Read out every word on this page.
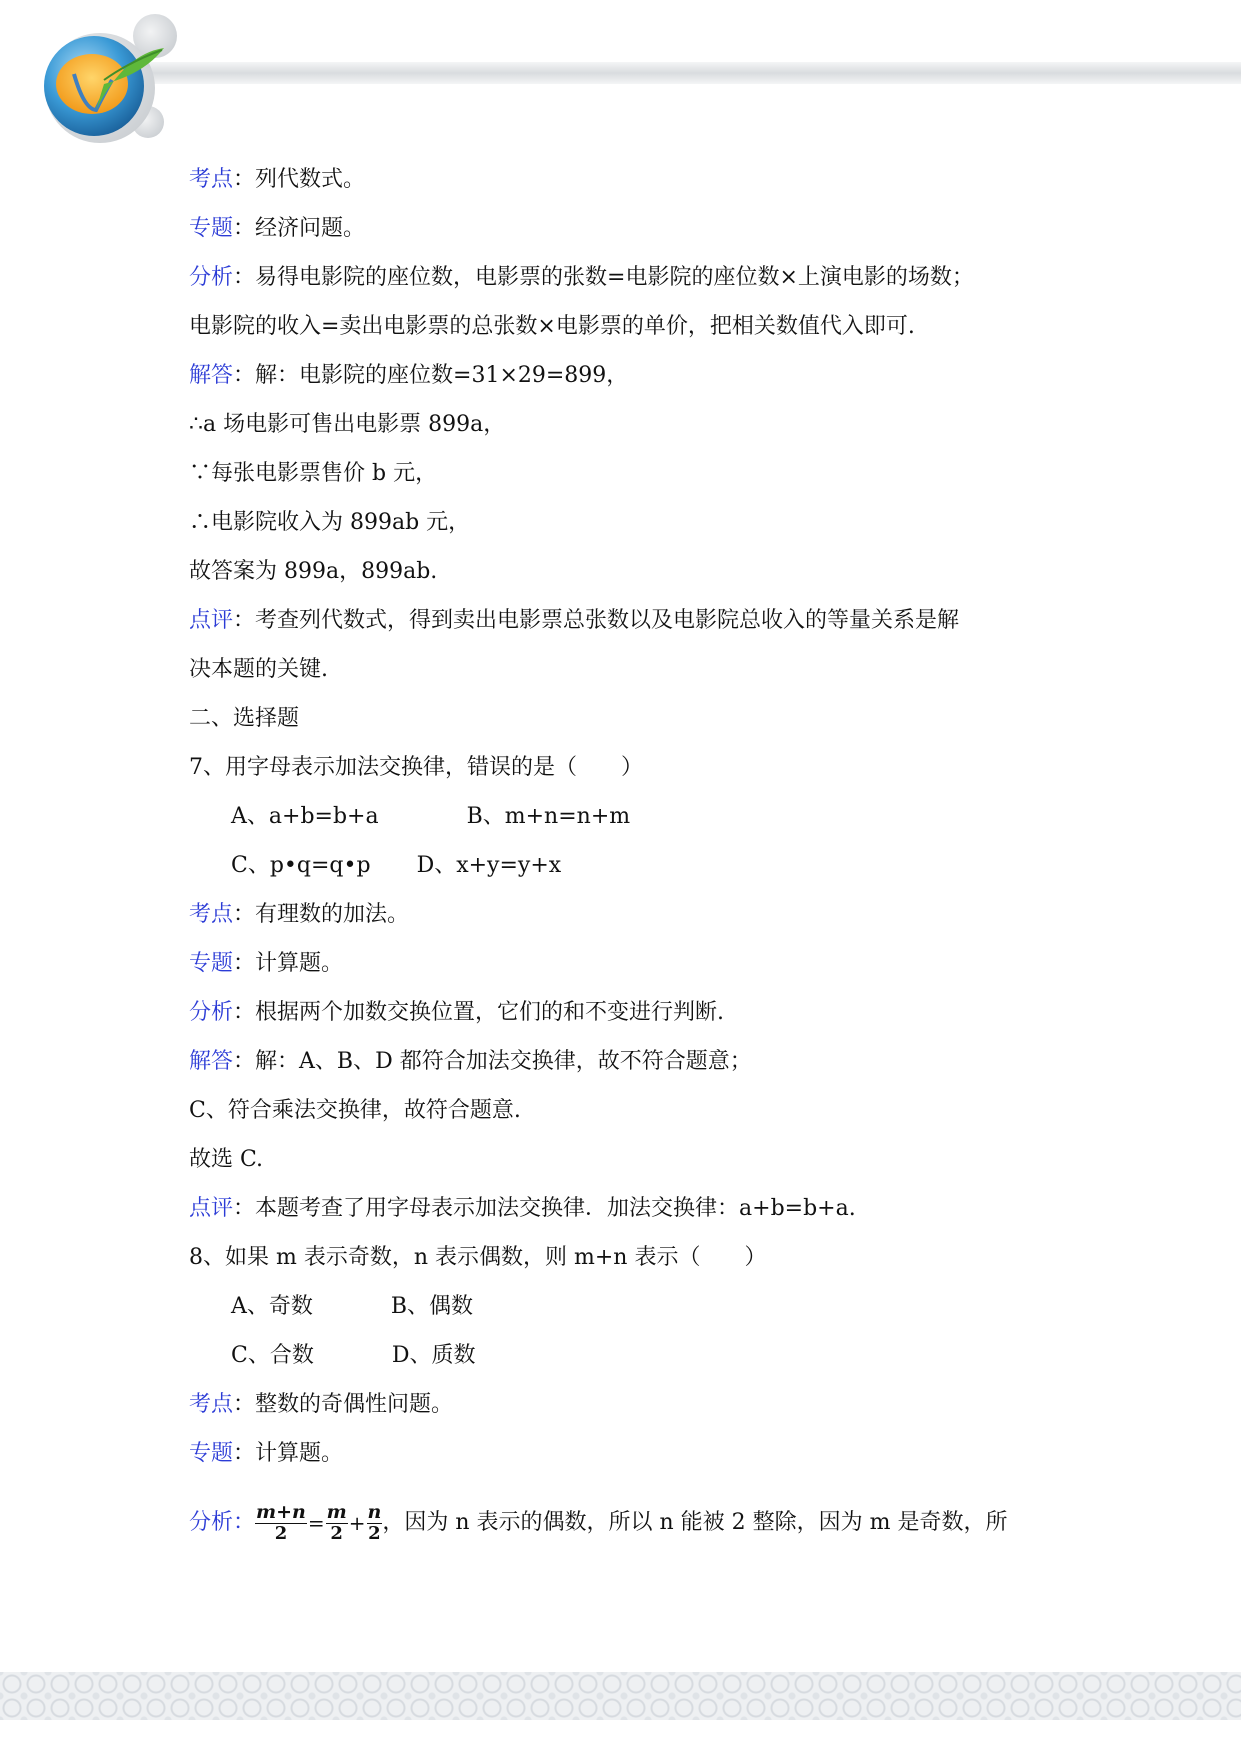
考点：列代数式。
专题：经济问题。
分析：易得电影院的座位数，电影票的张数=电影院的座位数×上演电影的场数；
电影院的收入=卖出电影票的总张数×电影票的单价，把相关数值代入即可.
解答：解：电影院的座位数=31×29=899，
∴a 场电影可售出电影票 899a，
∵每张电影票售价 b 元，
∴电影院收入为 899ab 元，
故答案为 899a，899ab.
点评：考查列代数式，得到卖出电影票总张数以及电影院总收入的等量关系是解
决本题的关键.
二、选择题
7、用字母表示加法交换律，错误的是（　　）
A、a+b=b+a	B、m+n=n+m
C、p•q=q•p D、x+y=y+x
考点：有理数的加法。
专题：计算题。
分析：根据两个加数交换位置，它们的和不变进行判断.
解答：解：A、B、D 都符合加法交换律，故不符合题意；
C、符合乘法交换律，故符合题意.
故选 C.
点评：本题考查了用字母表示加法交换律．加法交换律：a+b=b+a.
8、如果 m 表示奇数，n 表示偶数，则 m+n 表示（　　）
A、奇数	B、偶数
C、合数	D、质数
考点：整数的奇偶性问题。
专题：计算题。
分析： $\frac{m+n}{2} = \frac{m}{2} + \frac{n}{2}$ ，因为 n 表示的偶数，所以 n 能被 2 整除，因为 m 是奇数，所
